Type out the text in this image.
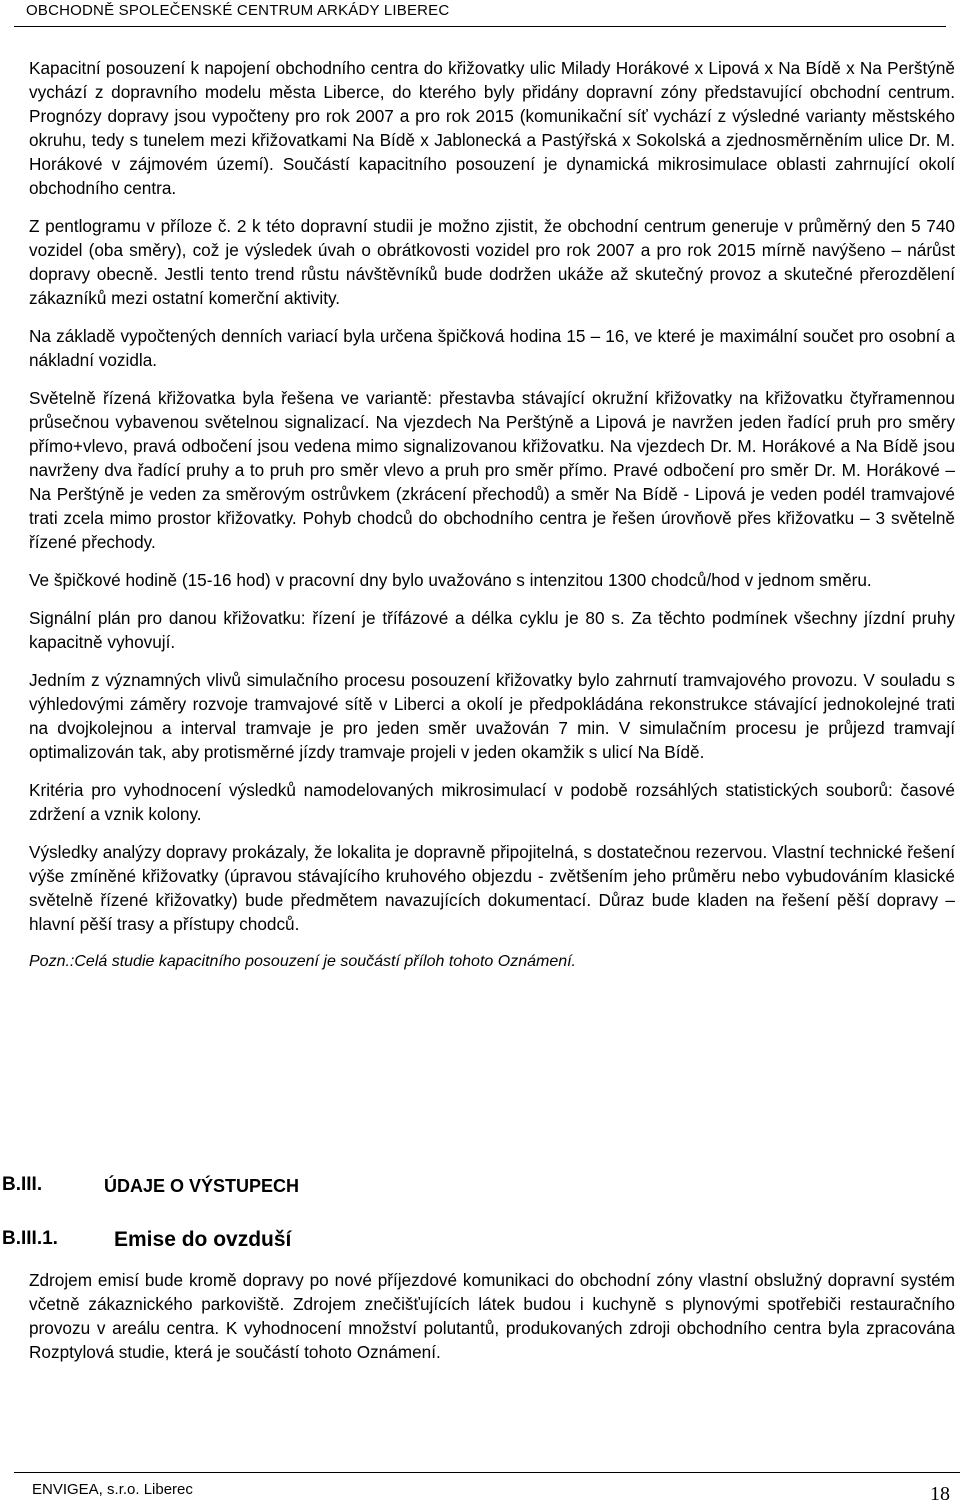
OBCHODNĚ SPOLEČENSKÉ CENTRUM ARKÁDY LIBEREC

Kapacitní posouzení k napojení obchodního centra do křižovatky ulic Milady Horákové x Lipová x Na Bídě x Na Perštýně vychází z dopravního modelu města Liberce, do kterého byly přidány dopravní zóny představující obchodní centrum. Prognózy dopravy jsou vypočteny pro rok 2007 a pro rok 2015 (komunikační síť vychází z výsledné varianty městského okruhu, tedy s tunelem mezi křižovatkami Na Bídě x Jablonecká a Pastýřská x Sokolská a zjednosměrněním ulice Dr. M. Horákové v zájmovém území). Součástí kapacitního posouzení je dynamická mikrosimulace oblasti zahrnující okolí obchodního centra.

Z pentlogramu v příloze č. 2 k této dopravní studii je možno zjistit, že obchodní centrum generuje v průměrný den 5 740 vozidel (oba směry), což je výsledek úvah o obrátkovosti vozidel pro rok 2007 a pro rok 2015 mírně navýšeno – nárůst dopravy obecně. Jestli tento trend růstu návštěvníků bude dodržen ukáže až skutečný provoz a skutečné přerozdělení zákazníků mezi ostatní komerční aktivity.

Na základě vypočtených denních variací byla určena špičková hodina 15 – 16, ve které je maximální součet pro osobní a nákladní vozidla.

Světelně řízená křižovatka byla řešena ve variantě: přestavba stávající okružní křižovatky na křižovatku čtyřramennou průsečnou vybavenou světelnou signalizací. Na vjezdech Na Perštýně a Lipová je navržen jeden řadící pruh pro směry přímo+vlevo, pravá odbočení jsou vedena mimo signalizovanou křižovatku. Na vjezdech Dr. M. Horákové a Na Bídě jsou navrženy dva řadící pruhy a to pruh pro směr vlevo a pruh pro směr přímo. Pravé odbočení pro směr Dr. M. Horákové – Na Perštýně je veden za směrovým ostrůvkem (zkrácení přechodů) a směr Na Bídě - Lipová je veden podél tramvajové trati zcela mimo prostor křižovatky. Pohyb chodců do obchodního centra je řešen úrovňově přes křižovatku – 3 světelně řízené přechody.

Ve špičkové hodině (15-16 hod) v pracovní dny bylo uvažováno s intenzitou 1300 chodců/hod v jednom směru.

Signální plán pro danou křižovatku: řízení je třífázové a délka cyklu je 80 s. Za těchto podmínek všechny jízdní pruhy kapacitně vyhovují.

Jedním z významných vlivů simulačního procesu posouzení křižovatky bylo zahrnutí tramvajového provozu. V souladu s výhledovými záměry rozvoje tramvajové sítě v Liberci a okolí je předpokládána rekonstrukce stávající jednokolejné trati na dvojkolejnou a interval tramvaje je pro jeden směr uvažován 7 min. V simulačním procesu je průjezd tramvají optimalizován tak, aby protisměrné jízdy tramvaje projeli v jeden okamžik s ulicí Na Bídě.

Kritéria pro vyhodnocení výsledků namodelovaných mikrosimulací v podobě rozsáhlých statistických souborů: časové zdržení a vznik kolony.

Výsledky analýzy dopravy prokázaly, že lokalita je dopravně připojitelná, s dostatečnou rezervou. Vlastní technické řešení výše zmíněné křižovatky (úpravou stávajícího kruhového objezdu - zvětšením jeho průměru nebo vybudováním klasické světelně řízené křižovatky) bude předmětem navazujících dokumentací. Důraz bude kladen na řešení pěší dopravy – hlavní pěší trasy a přístupy chodců.

Pozn.:Celá studie kapacitního posouzení je součástí příloh tohoto Oznámení.

B.III.	ÚDAJE O VÝSTUPECH
B.III.1.	Emise do ovzduší

Zdrojem emisí bude kromě dopravy po nové příjezdové komunikaci do obchodní zóny vlastní obslužný dopravní systém včetně zákaznického parkoviště. Zdrojem znečišťujících látek budou i kuchyně s plynovými spotřebiči restauračního provozu v areálu centra. K vyhodnocení množství polutantů, produkovaných zdroji obchodního centra byla zpracována Rozptylová studie, která je součástí tohoto Oznámení.

ENVIGEA, s.r.o. Liberec	18
